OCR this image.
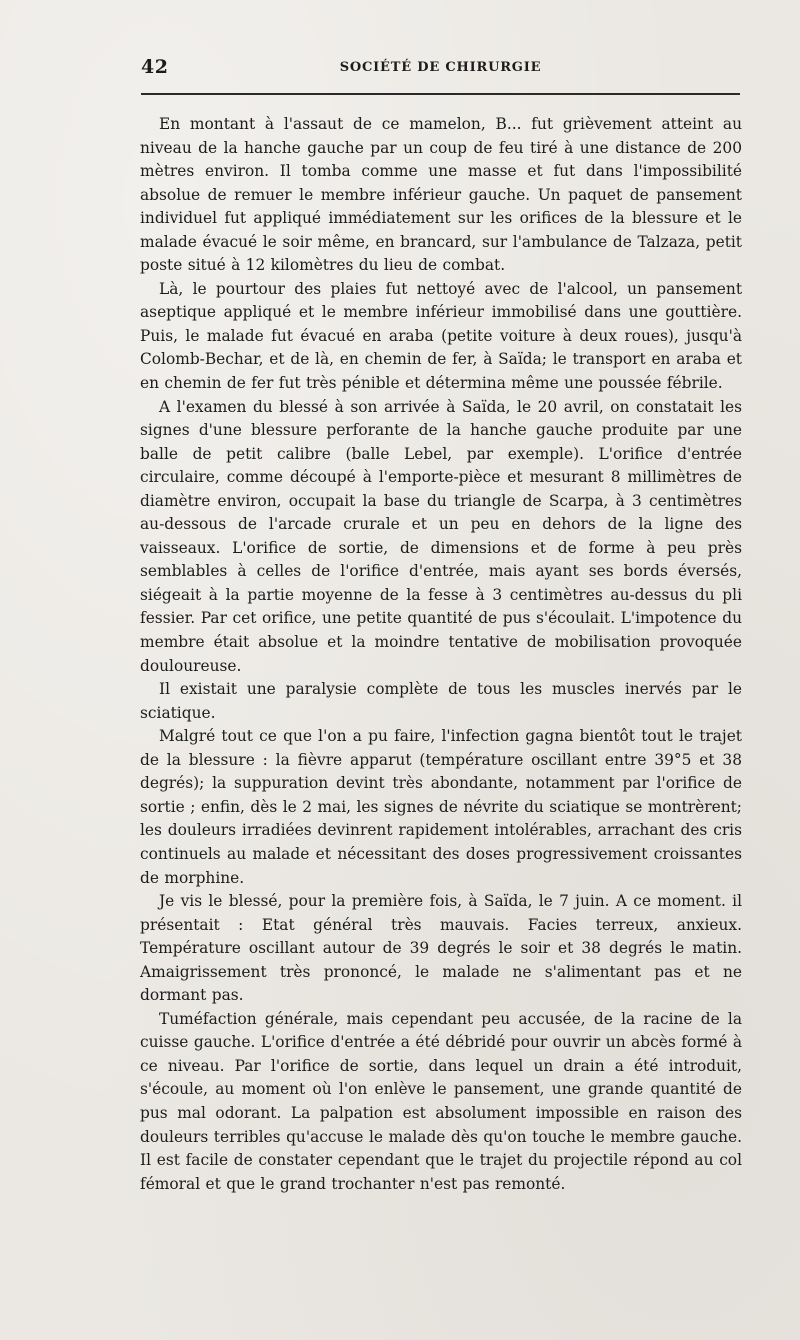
42	SOCIÉTÉ DE CHIRURGIE

En montant à l'assaut de ce mamelon, B... fut grièvement atteint au niveau de la hanche gauche par un coup de feu tiré à une distance de 200 mètres environ. Il tomba comme une masse et fut dans l'impossibilité absolue de remuer le membre inférieur gauche. Un paquet de pansement individuel fut appliqué immédiatement sur les orifices de la blessure et le malade évacué le soir même, en brancard, sur l'ambulance de Talzaza, petit poste situé à 12 kilomètres du lieu de combat.

Là, le pourtour des plaies fut nettoyé avec de l'alcool, un pansement aseptique appliqué et le membre inférieur immobilisé dans une gouttière. Puis, le malade fut évacué en araba (petite voiture à deux roues), jusqu'à Colomb-Bechar, et de là, en chemin de fer, à Saïda; le transport en araba et en chemin de fer fut très pénible et détermina même une poussée fébrile.

A l'examen du blessé à son arrivée à Saïda, le 20 avril, on constatait les signes d'une blessure perforante de la hanche gauche produite par une balle de petit calibre (balle Lebel, par exemple). L'orifice d'entrée circulaire, comme découpé à l'emporte-pièce et mesurant 8 millimètres de diamètre environ, occupait la base du triangle de Scarpa, à 3 centimètres au-dessous de l'arcade crurale et un peu en dehors de la ligne des vaisseaux. L'orifice de sortie, de dimensions et de forme à peu près semblables à celles de l'orifice d'entrée, mais ayant ses bords éversés, siégeait à la partie moyenne de la fesse à 3 centimètres au-dessus du pli fessier. Par cet orifice, une petite quantité de pus s'écoulait. L'impotence du membre était absolue et la moindre tentative de mobilisation provoquée douloureuse.

Il existait une paralysie complète de tous les muscles inervés par le sciatique.

Malgré tout ce que l'on a pu faire, l'infection gagna bientôt tout le trajet de la blessure : la fièvre apparut (température oscillant entre 39°5 et 38 degrés); la suppuration devint très abondante, notamment par l'orifice de sortie ; enfin, dès le 2 mai, les signes de névrite du sciatique se montrèrent; les douleurs irradiées devinrent rapidement intolérables, arrachant des cris continuels au malade et nécessitant des doses progressivement croissantes de morphine.

Je vis le blessé, pour la première fois, à Saïda, le 7 juin. A ce moment. il présentait : Etat général très mauvais. Facies terreux, anxieux. Température oscillant autour de 39 degrés le soir et 38 degrés le matin. Amaigrissement très prononcé, le malade ne s'alimentant pas et ne dormant pas.

Tuméfaction générale, mais cependant peu accusée, de la racine de la cuisse gauche. L'orifice d'entrée a été débridé pour ouvrir un abcès formé à ce niveau. Par l'orifice de sortie, dans lequel un drain a été introduit, s'écoule, au moment où l'on enlève le pansement, une grande quantité de pus mal odorant. La palpation est absolument impossible en raison des douleurs terribles qu'accuse le malade dès qu'on touche le membre gauche. Il est facile de constater cependant que le trajet du projectile répond au col fémoral et que le grand trochanter n'est pas remonté.
